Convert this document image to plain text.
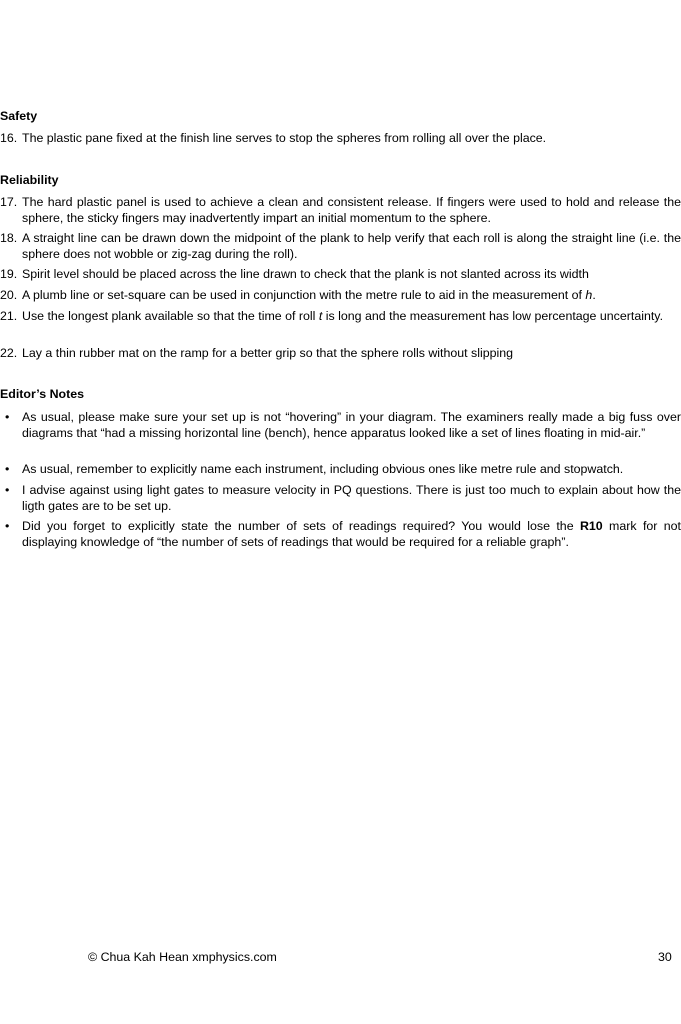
Safety
16. The plastic pane fixed at the finish line serves to stop the spheres from rolling all over the place.
Reliability
17. The hard plastic panel is used to achieve a clean and consistent release. If fingers were used to hold and release the sphere, the sticky fingers may inadvertently impart an initial momentum to the sphere.
18. A straight line can be drawn down the midpoint of the plank to help verify that each roll is along the straight line (i.e. the sphere does not wobble or zig-zag during the roll).
19. Spirit level should be placed across the line drawn to check that the plank is not slanted across its width
20. A plumb line or set-square can be used in conjunction with the metre rule to aid in the measurement of h.
21. Use the longest plank available so that the time of roll t is long and the measurement has low percentage uncertainty.
22. Lay a thin rubber mat on the ramp for a better grip so that the sphere rolls without slipping
Editor’s Notes
•	As usual, please make sure your set up is not “hovering” in your diagram. The examiners really made a big fuss over diagrams that “had a missing horizontal line (bench), hence apparatus looked like a set of lines floating in mid-air.”
•	As usual, remember to explicitly name each instrument, including obvious ones like metre rule and stopwatch.
•	I advise against using light gates to measure velocity in PQ questions. There is just too much to explain about how the ligth gates are to be set up.
•	Did you forget to explicitly state the number of sets of readings required? You would lose the R10 mark for not displaying knowledge of “the number of sets of readings that would be required for a reliable graph”.
© Chua Kah Hean xmphysics.com	30
